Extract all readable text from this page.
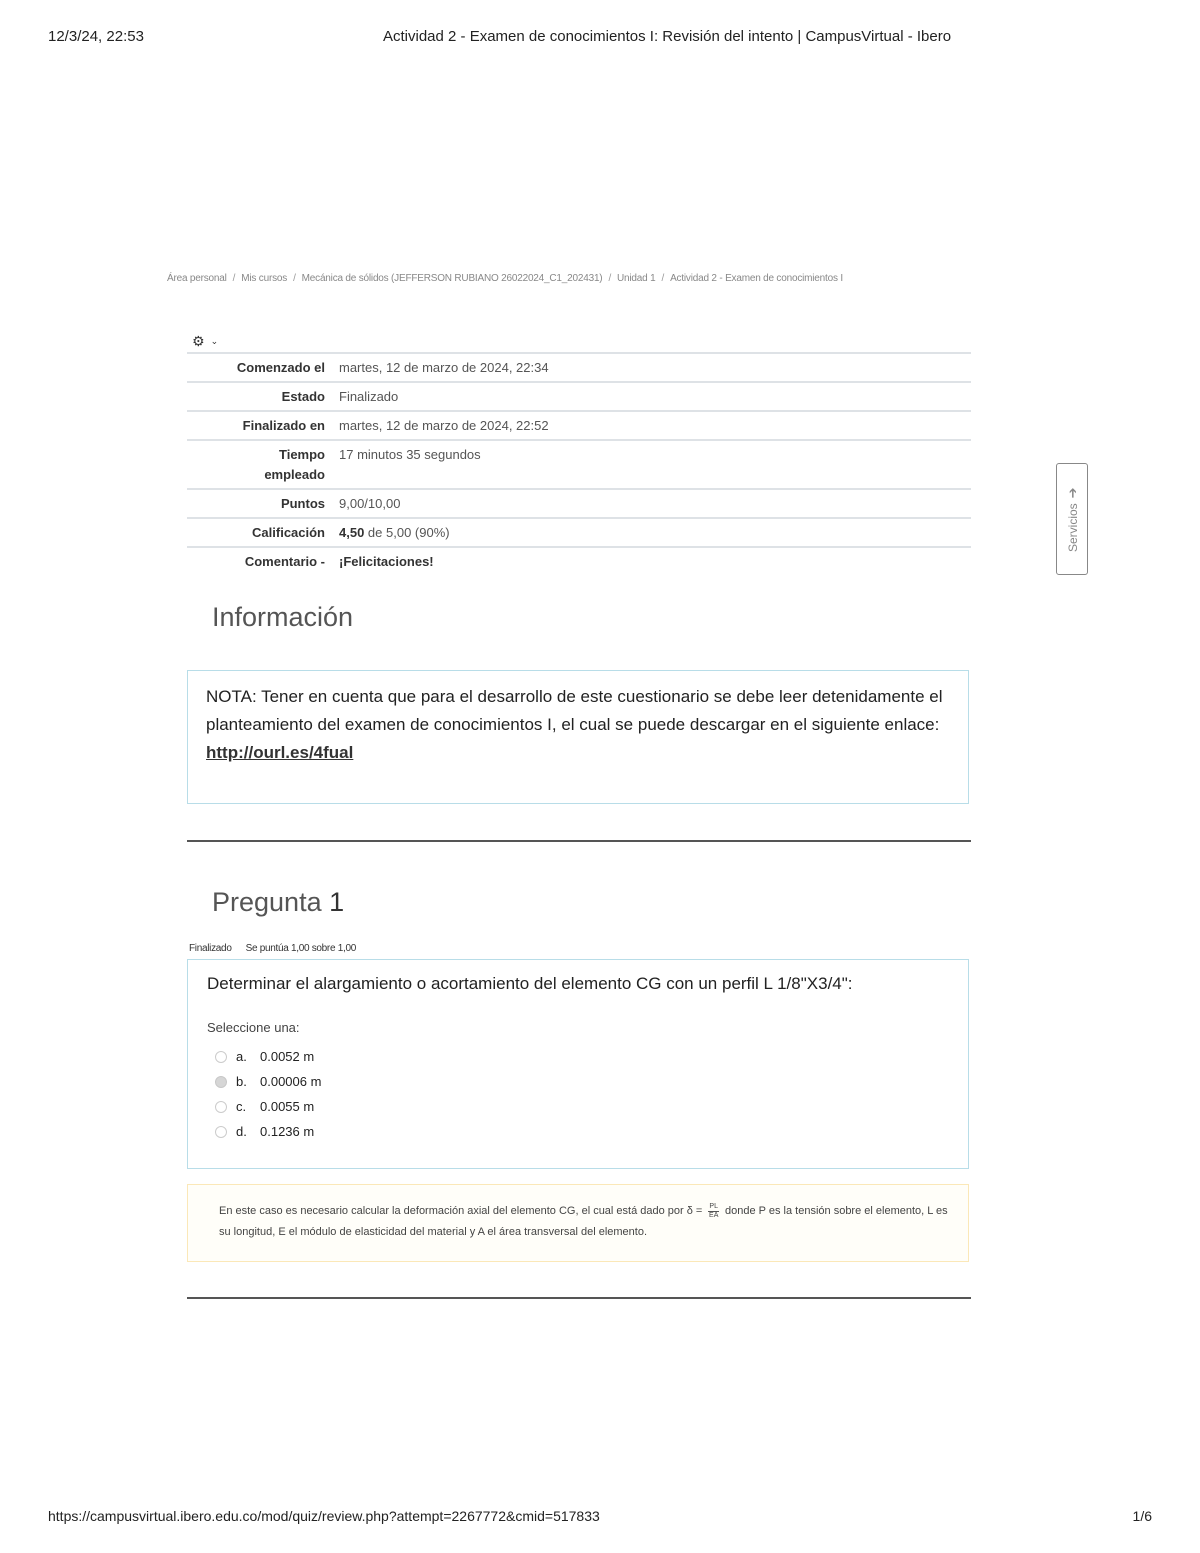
12/3/24, 22:53	Actividad 2 - Examen de conocimientos I: Revisión del intento | CampusVirtual - Ibero
Área personal / Mis cursos / Mecánica de sólidos (JEFFERSON RUBIANO 26022024_C1_202431) / Unidad 1 / Actividad 2 - Examen de conocimientos I
⚙ ⌄
Comenzado el	martes, 12 de marzo de 2024, 22:34
Estado	Finalizado
Finalizado en	martes, 12 de marzo de 2024, 22:52
Tiempo
empleado	17 minutos 35 segundos
Puntos	9,00/10,00
Calificación	4,50 de 5,00 (90%)
Comentario -	¡Felicitaciones!
Servicios➔
Información
NOTA: Tener en cuenta que para el desarrollo de este cuestionario se debe leer detenidamente el planteamiento del examen de conocimientos I, el cual se puede descargar en el siguiente enlace: http://ourl.es/4fual
Pregunta 1
Finalizado Se puntúa 1,00 sobre 1,00
Determinar el alargamiento o acortamiento del elemento CG con un perfil L 1/8"X3/4":
Seleccione una:
a.	0.0052 m
b.	0.00006 m
c.	0.0055 m
d.	0.1236 m
En este caso es necesario calcular la deformación axial del elemento CG, el cual está dado por $\delta = \frac{PL}{EA}$ donde P es la tensión sobre el elemento, L es su longitud, E el módulo de elasticidad del material y A el área transversal del elemento.
https://campusvirtual.ibero.edu.co/mod/quiz/review.php?attempt=2267772&cmid=517833	1/6
